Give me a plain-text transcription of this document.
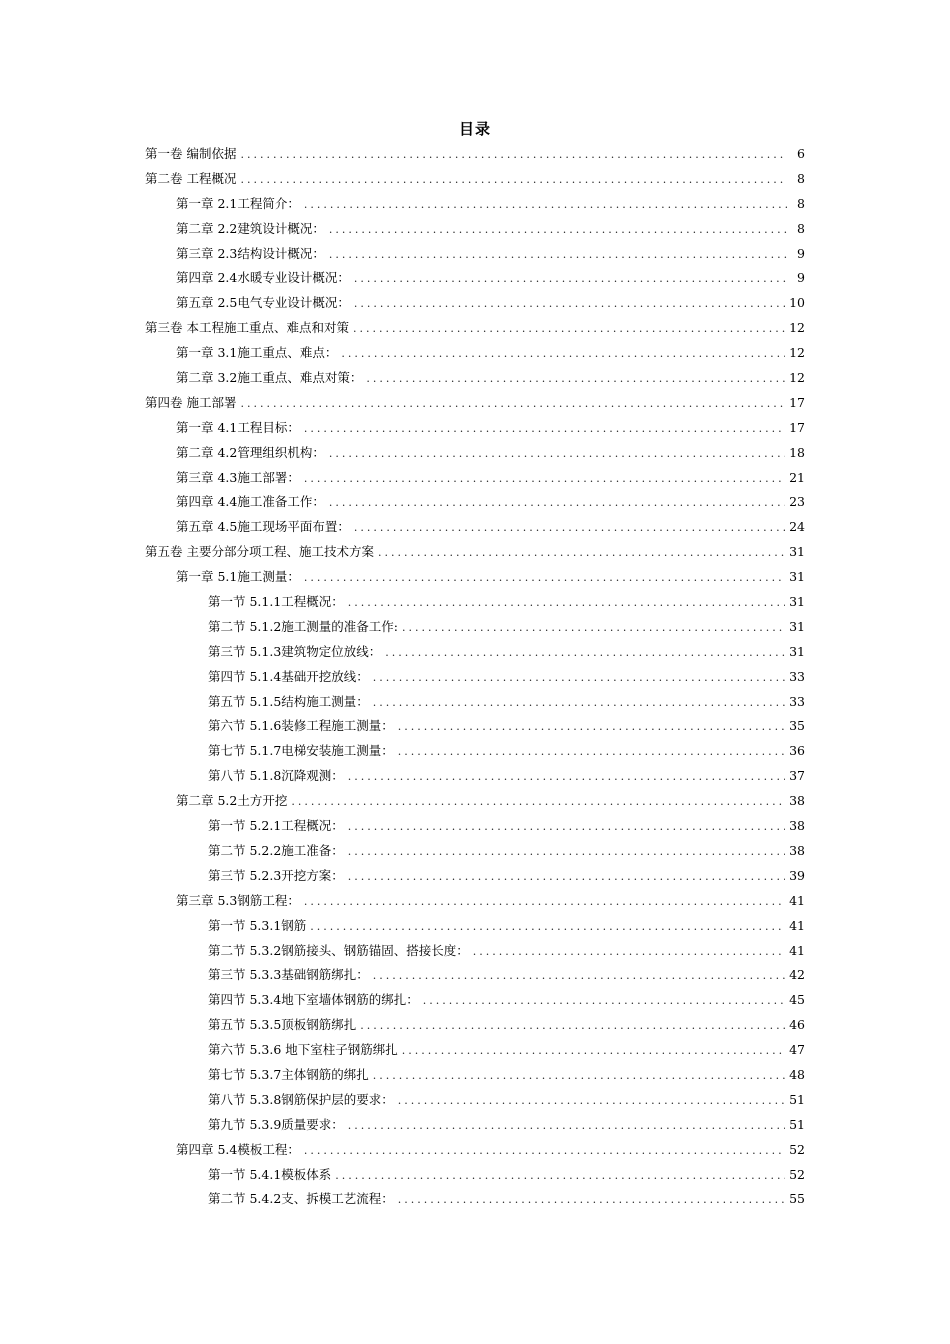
目录
第一卷 编制依据 .....	6
第二卷 工程概况 .....	8
第一章 2.1工程简介： .....	8
第二章 2.2建筑设计概况： .....	8
第三章 2.3结构设计概况： .....	9
第四章 2.4水暖专业设计概况： .....	9
第五章 2.5电气专业设计概况： .....	10
第三卷 本工程施工重点、难点和对策 .....	12
第一章 3.1施工重点、难点： .....	12
第二章 3.2施工重点、难点对策： .....	12
第四卷 施工部署 .....	17
第一章 4.1工程目标： .....	17
第二章 4.2管理组织机构： .....	18
第三章 4.3施工部署： .....	21
第四章 4.4施工准备工作： .....	23
第五章 4.5施工现场平面布置： .....	24
第五卷 主要分部分项工程、施工技术方案 .....	31
第一章 5.1施工测量： .....	31
第一节 5.1.1工程概况： .....	31
第二节 5.1.2施工测量的准备工作: .....	31
第三节 5.1.3建筑物定位放线： .....	31
第四节 5.1.4基础开挖放线： .....	33
第五节 5.1.5结构施工测量： .....	33
第六节 5.1.6装修工程施工测量： .....	35
第七节 5.1.7电梯安装施工测量： .....	36
第八节 5.1.8沉降观测： .....	37
第二章 5.2土方开挖 .....	38
第一节 5.2.1工程概况： .....	38
第二节 5.2.2施工准备： .....	38
第三节 5.2.3开挖方案： .....	39
第三章 5.3钢筋工程： .....	41
第一节 5.3.1钢筋 .....	41
第二节 5.3.2钢筋接头、钢筋锚固、搭接长度： .....	41
第三节 5.3.3基础钢筋绑扎： .....	42
第四节 5.3.4地下室墙体钢筋的绑扎： .....	45
第五节 5.3.5顶板钢筋绑扎 .....	46
第六节 5.3.6 地下室柱子钢筋绑扎 .....	47
第七节 5.3.7主体钢筋的绑扎 .....	48
第八节 5.3.8钢筋保护层的要求： .....	51
第九节 5.3.9质量要求： .....	51
第四章 5.4模板工程： .....	52
第一节 5.4.1模板体系 .....	52
第二节 5.4.2支、拆模工艺流程： .....	55
